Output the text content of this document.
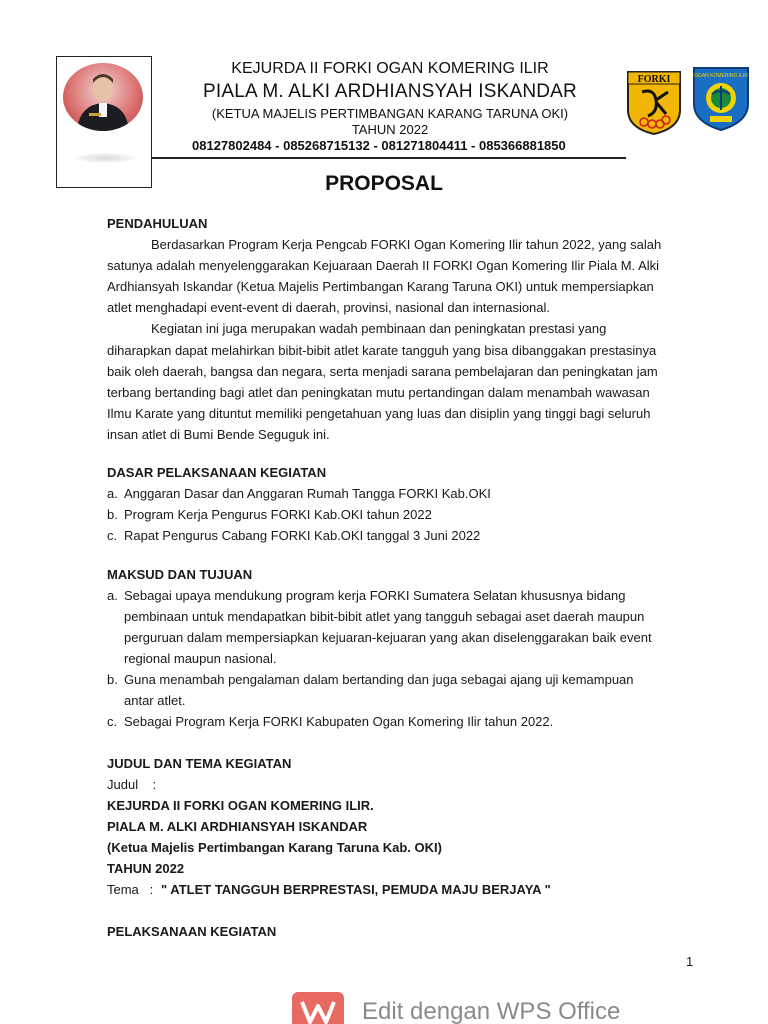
KEJURDA II FORKI OGAN KOMERING ILIR
PIALA M. ALKI ARDHIANSYAH ISKANDAR
(KETUA MAJELIS PERTIMBANGAN KARANG TARUNA OKI)
TAHUN 2022
08127802484 - 085268715132 - 081271804411 - 085366881850
FORKI	OGAN KOMERING ILIR
PROPOSAL
PENDAHULUAN
Berdasarkan Program Kerja Pengcab FORKI Ogan Komering Ilir tahun 2022, yang salah
satunya adalah menyelenggarakan Kejuaraan Daerah II FORKI Ogan Komering Ilir Piala M. Alki
Ardhiansyah Iskandar (Ketua Majelis Pertimbangan Karang Taruna OKI) untuk mempersiapkan
atlet menghadapi event-event di daerah, provinsi, nasional dan internasional.
Kegiatan ini juga merupakan wadah pembinaan dan peningkatan prestasi yang
diharapkan dapat melahirkan bibit-bibit atlet karate tangguh yang bisa dibanggakan prestasinya
baik oleh daerah, bangsa dan negara, serta menjadi sarana pembelajaran dan peningkatan jam
terbang bertanding bagi atlet dan peningkatan mutu pertandingan dalam menambah wawasan
Ilmu Karate yang dituntut memiliki pengetahuan yang luas dan disiplin yang tinggi bagi seluruh
insan atlet di Bumi Bende Seguguk ini.
DASAR PELAKSANAAN KEGIATAN
a. Anggaran Dasar dan Anggaran Rumah Tangga FORKI Kab.OKI
b. Program Kerja Pengurus FORKI Kab.OKI tahun 2022
c. Rapat Pengurus Cabang FORKI Kab.OKI tanggal 3 Juni 2022
MAKSUD DAN TUJUAN
a. Sebagai upaya mendukung program kerja FORKI Sumatera Selatan khususnya bidang
pembinaan untuk mendapatkan bibit-bibit atlet yang tangguh sebagai aset daerah maupun
perguruan dalam mempersiapkan kejuaran-kejuaran yang akan diselenggarakan baik event
regional maupun nasional.
b. Guna menambah pengalaman dalam bertanding dan juga sebagai ajang uji kemampuan
antar atlet.
c. Sebagai Program Kerja FORKI Kabupaten Ogan Komering Ilir tahun 2022.
JUDUL DAN TEMA KEGIATAN
Judul    :
KEJURDA II FORKI OGAN KOMERING ILIR.
PIALA M. ALKI ARDHIANSYAH ISKANDAR
(Ketua Majelis Pertimbangan Karang Taruna Kab. OKI)
TAHUN 2022
Tema   : " ATLET TANGGUH BERPRESTASI, PEMUDA MAJU BERJAYA "
PELAKSANAAN KEGIATAN
1
Edit dengan WPS Office
